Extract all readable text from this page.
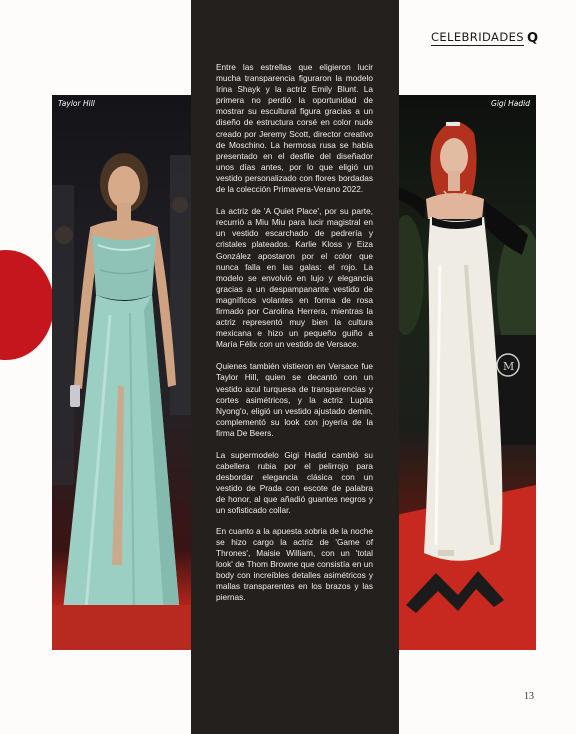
CELEBRIDADES Q
Taylor Hill
M
Gigi Hadid

Entre las estrellas que eligieron lucir mucha transparencia figuraron la modelo Irina Shayk y la actriz Emily Blunt. La primera no perdió la oportunidad de mostrar su escultural figura gracias a un diseño de estructura corsé en color nude creado por Jeremy Scott, director creativo de Moschino. La hermosa rusa se había presentado en el desfile del diseñador unos días antes, por lo que eligió un vestido personalizado con flores bordadas de la colección Primavera-Verano 2022.

La actriz de 'A Quiet Place', por su parte, recurrió a Miu Miu para lucir magistral en un vestido escarchado de pedrería y cristales plateados. Karlie Kloss y Eiza González apostaron por el color que nunca falla en las galas: el rojo. La modelo se envolvió en lujo y elegancia gracias a un despampanante vestido de magníficos volantes en forma de rosa firmado por Carolina Herrera, mientras la actriz representó muy bien la cultura mexicana e hizo un pequeño guiño a María Félix con un vestido de Versace.

Quienes también vistieron en Versace fue Taylor Hill, quien se decantó con un vestido azul turquesa de transparencias y cortes asimétricos, y la actriz Lupita Nyong'o, eligió un vestido ajustado demin, complementó su look con joyería de la firma De Beers.

La supermodelo Gigi Hadid cambió su cabellera rubia por el pelirrojo para desbordar elegancia clásica con un vestido de Prada con escote de palabra de honor, al que añadió guantes negros y un sofisticado collar.

En cuanto a la apuesta sobria de la noche se hizo cargo la actriz de 'Game of Thrones', Maisie William, con un 'total look' de Thom Browne que consistía en un body con increíbles detalles asimétricos y mallas transparentes en los brazos y las piernas.

13
